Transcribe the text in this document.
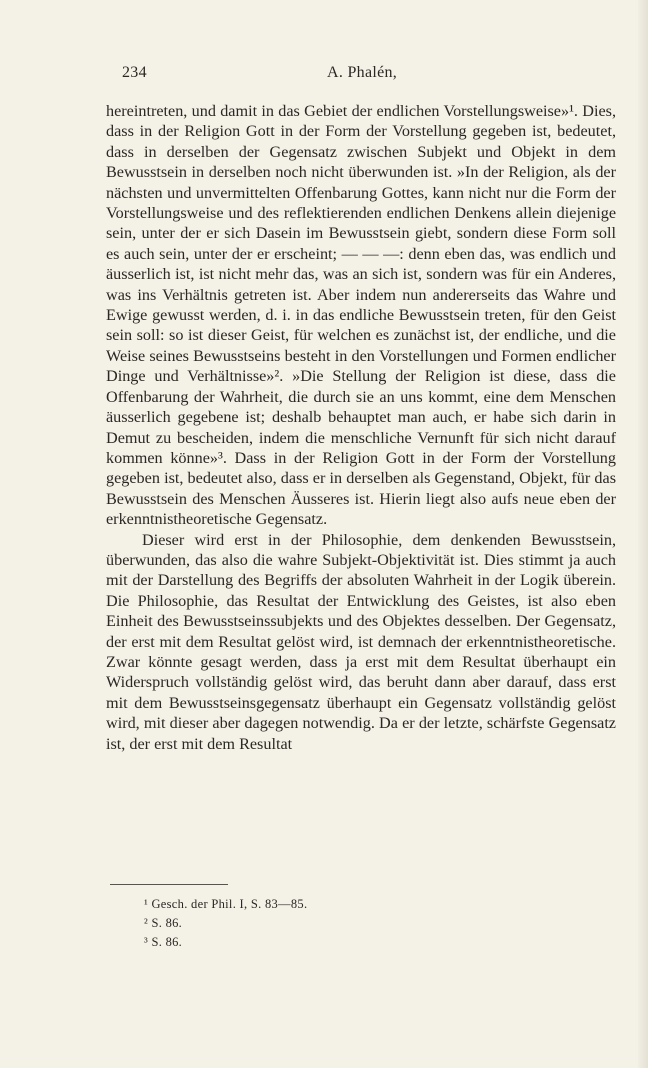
234	A. Phalén,

hereintreten, und damit in das Gebiet der endlichen Vorstellungsweise»¹. Dies, dass in der Religion Gott in der Form der Vorstellung gegeben ist, bedeutet, dass in derselben der Gegensatz zwischen Subjekt und Objekt in dem Bewusstsein in derselben noch nicht überwunden ist. »In der Religion, als der nächsten und unvermittelten Offenbarung Gottes, kann nicht nur die Form der Vorstellungsweise und des reflektierenden endlichen Denkens allein diejenige sein, unter der er sich Dasein im Bewusstsein giebt, sondern diese Form soll es auch sein, unter der er erscheint; — — —: denn eben das, was endlich und äusserlich ist, ist nicht mehr das, was an sich ist, sondern was für ein Anderes, was ins Verhältnis getreten ist. Aber indem nun andererseits das Wahre und Ewige gewusst werden, d. i. in das endliche Bewusstsein treten, für den Geist sein soll: so ist dieser Geist, für welchen es zunächst ist, der endliche, und die Weise seines Bewusstseins besteht in den Vorstellungen und Formen endlicher Dinge und Verhältnisse»². »Die Stellung der Religion ist diese, dass die Offenbarung der Wahrheit, die durch sie an uns kommt, eine dem Menschen äusserlich gegebene ist; deshalb behauptet man auch, er habe sich darin in Demut zu bescheiden, indem die menschliche Vernunft für sich nicht darauf kommen könne»³. Dass in der Religion Gott in der Form der Vorstellung gegeben ist, bedeutet also, dass er in derselben als Gegenstand, Objekt, für das Bewusstsein des Menschen Äusseres ist. Hierin liegt also aufs neue eben der erkenntnistheoretische Gegensatz.

Dieser wird erst in der Philosophie, dem denkenden Bewusstsein, überwunden, das also die wahre Subjekt-Objektivität ist. Dies stimmt ja auch mit der Darstellung des Begriffs der absoluten Wahrheit in der Logik überein. Die Philosophie, das Resultat der Entwicklung des Geistes, ist also eben Einheit des Bewusstseinssubjekts und des Objektes desselben. Der Gegensatz, der erst mit dem Resultat gelöst wird, ist demnach der erkenntnistheoretische. Zwar könnte gesagt werden, dass ja erst mit dem Resultat überhaupt ein Widerspruch vollständig gelöst wird, das beruht dann aber darauf, dass erst mit dem Bewusstseinsgegensatz überhaupt ein Gegensatz vollständig gelöst wird, mit dieser aber dagegen notwendig. Da er der letzte, schärfste Gegensatz ist, der erst mit dem Resultat

¹ Gesch. der Phil. I, S. 83—85.
² S. 86.
³ S. 86.
